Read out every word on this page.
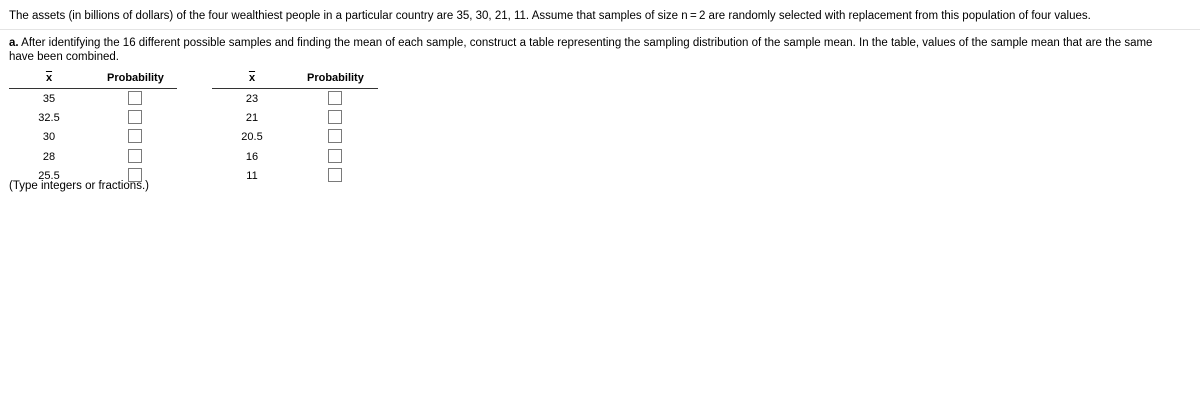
The assets (in billions of dollars) of the four wealthiest people in a particular country are 35, 30, 21, 11. Assume that samples of size n = 2 are randomly selected with replacement from this population of four values.
a. After identifying the 16 different possible samples and finding the mean of each sample, construct a table representing the sampling distribution of the sample mean. In the table, values of the sample mean that are the same have been combined.
$\overline{x}$	Probability
35
32.5
30
28
25.5
$\overline{x}$	Probability
23
21
20.5
16
11
(Type integers or fractions.)
